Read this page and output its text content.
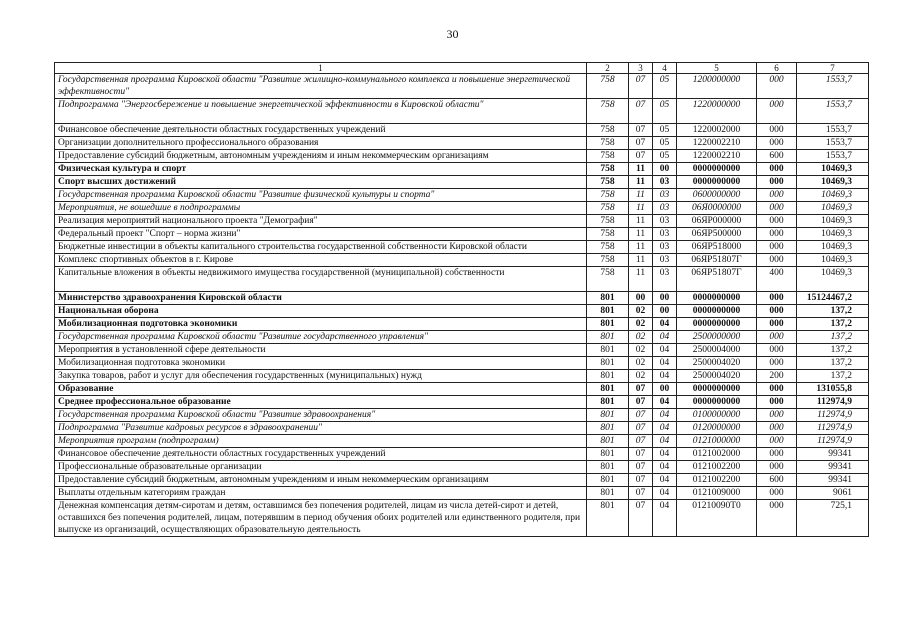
30
1	2	3	4	5	6	7
Государственная программа Кировской области "Развитие жилищно-коммунального комплекса и повышение энергетической эффективности"	758	07	05	1200000000	000	1553,7
Подпрограмма "Энергосбережение и повышение энергетической эффективности в Кировской области"	758	07	05	1220000000	000	1553,7
Финансовое обеспечение деятельности областных государственных учреждений	758	07	05	1220002000	000	1553,7
Организации дополнительного профессионального образования	758	07	05	1220002210	000	1553,7
Предоставление субсидий бюджетным, автономным учреждениям и иным некоммерческим организациям	758	07	05	1220002210	600	1553,7
Физическая культура и спорт	758	11	00	0000000000	000	10469,3
Спорт высших достижений	758	11	03	0000000000	000	10469,3
Государственная программа Кировской области "Развитие физической культуры и спорта"	758	11	03	0600000000	000	10469,3
Мероприятия, не вошедшие в подпрограммы	758	11	03	06Я0000000	000	10469,3
Реализация мероприятий национального проекта "Демография"	758	11	03	06ЯР000000	000	10469,3
Федеральный проект "Спорт – норма жизни"	758	11	03	06ЯР500000	000	10469,3
Бюджетные инвестиции в объекты капитального строительства государственной собственности Кировской области	758	11	03	06ЯР518000	000	10469,3
Комплекс спортивных объектов в г. Кирове	758	11	03	06ЯР51807Г	000	10469,3
Капитальные вложения в объекты недвижимого имущества государственной (муниципальной) собственности	758	11	03	06ЯР51807Г	400	10469,3
Министерство здравоохранения Кировской области	801	00	00	0000000000	000	15124467,2
Национальная оборона	801	02	00	0000000000	000	137,2
Мобилизационная подготовка экономики	801	02	04	0000000000	000	137,2
Государственная программа Кировской области "Развитие государственного управления"	801	02	04	2500000000	000	137,2
Мероприятия в установленной сфере деятельности	801	02	04	2500004000	000	137,2
Мобилизационная подготовка экономики	801	02	04	2500004020	000	137,2
Закупка товаров, работ и услуг для обеспечения государственных (муниципальных) нужд	801	02	04	2500004020	200	137,2
Образование	801	07	00	0000000000	000	131055,8
Среднее профессиональное образование	801	07	04	0000000000	000	112974,9
Государственная программа Кировской области "Развитие здравоохранения"	801	07	04	0100000000	000	112974,9
Подпрограмма "Развитие кадровых ресурсов в здравоохранении"	801	07	04	0120000000	000	112974,9
Мероприятия программ (подпрограмм)	801	07	04	0121000000	000	112974,9
Финансовое обеспечение деятельности областных государственных учреждений	801	07	04	0121002000	000	99341
Профессиональные образовательные организации	801	07	04	0121002200	000	99341
Предоставление субсидий бюджетным, автономным учреждениям и иным некоммерческим организациям	801	07	04	0121002200	600	99341
Выплаты отдельным категориям граждан	801	07	04	0121009000	000	9061
Денежная компенсация детям-сиротам и детям, оставшимся без попечения родителей, лицам из числа детей-сирот и детей, оставшихся без попечения родителей, лицам, потерявшим в период обучения обоих родителей или единственного родителя, при выпуске из организаций, осуществляющих образовательную деятельность	801	07	04	01210090Т0	000	725,1
